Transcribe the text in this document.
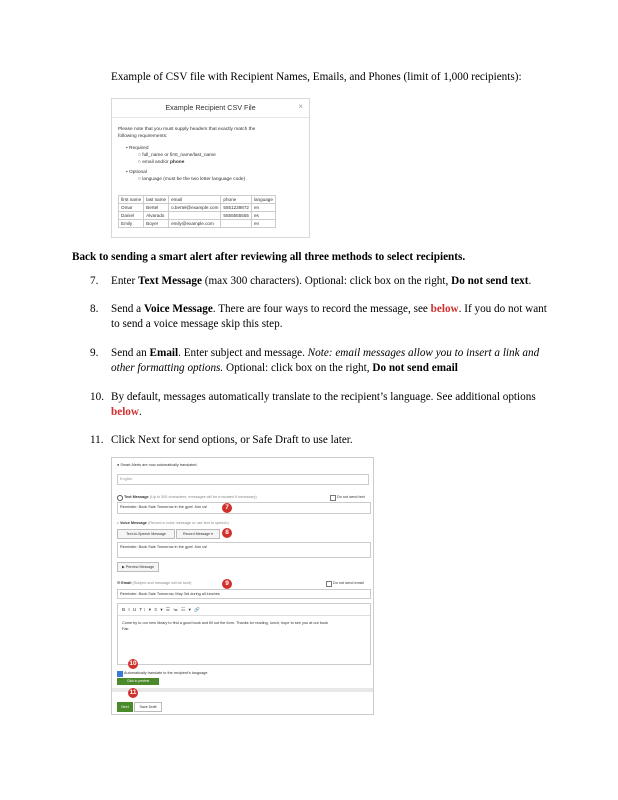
Example of CSV file with Recipient Names, Emails, and Phones (limit of 1,000 recipients):
Example Recipient CSV File	×
Please note that you must supply headers that exactly match the
following requirements:
• Required
○ full_name or first_name/last_name
○ email and/or phone
• Optional
○ language (must be the two letter language code)
first name	last name	email	phone	language
Omar	Bertel	o.bertel@example.com	5551239872	en
Daniel	Alvarado		5555555555	es
Emily	Boyer	emily@example.com		en
Back to sending a smart alert after reviewing all three methods to select recipients.
7. Enter Text Message (max 300 characters). Optional: click box on the right, Do not send text.
8. Send a Voice Message. There are four ways to record the message, see below. If you do not want to send a voice message skip this step.
9. Send an Email. Enter subject and message. Note: email messages allow you to insert a link and other formatting options. Optional: click box on the right, Do not send email
10. By default, messages automatically translate to the recipient’s language. See additional options below.
11. Click Next for send options, or Safe Draft to use later.
● Smart Alerts are now automatically translated.
English
Text Message (Up to 300 characters; messages will be truncated if necessary)	Do not send text
Reminder: Book Sale Tomorrow in the gym! Join us!	7
♪ Voice Message (Record a voice message or use text to speech)
Text-to-Speech Message	Record Message ▾	8
Reminder: Book Sale Tomorrow in the gym! Join us!
▶ Preview Message
✉ Email (Subject and message will be sent)	9	Do not send email
Reminder: Book Sale Tomorrow, May 3rd during all lunches
B I U T↕ ▾ ≡ ▾ ☰ ≔ ☷ ▾ 🔗
Come by to our new library to find a good book and fill out the form. Thanks for reading, lunch, hope to see you at our book
Fair.
10
Automatically translate to the recipient's language
Click to preview
11
Next	Save Draft
